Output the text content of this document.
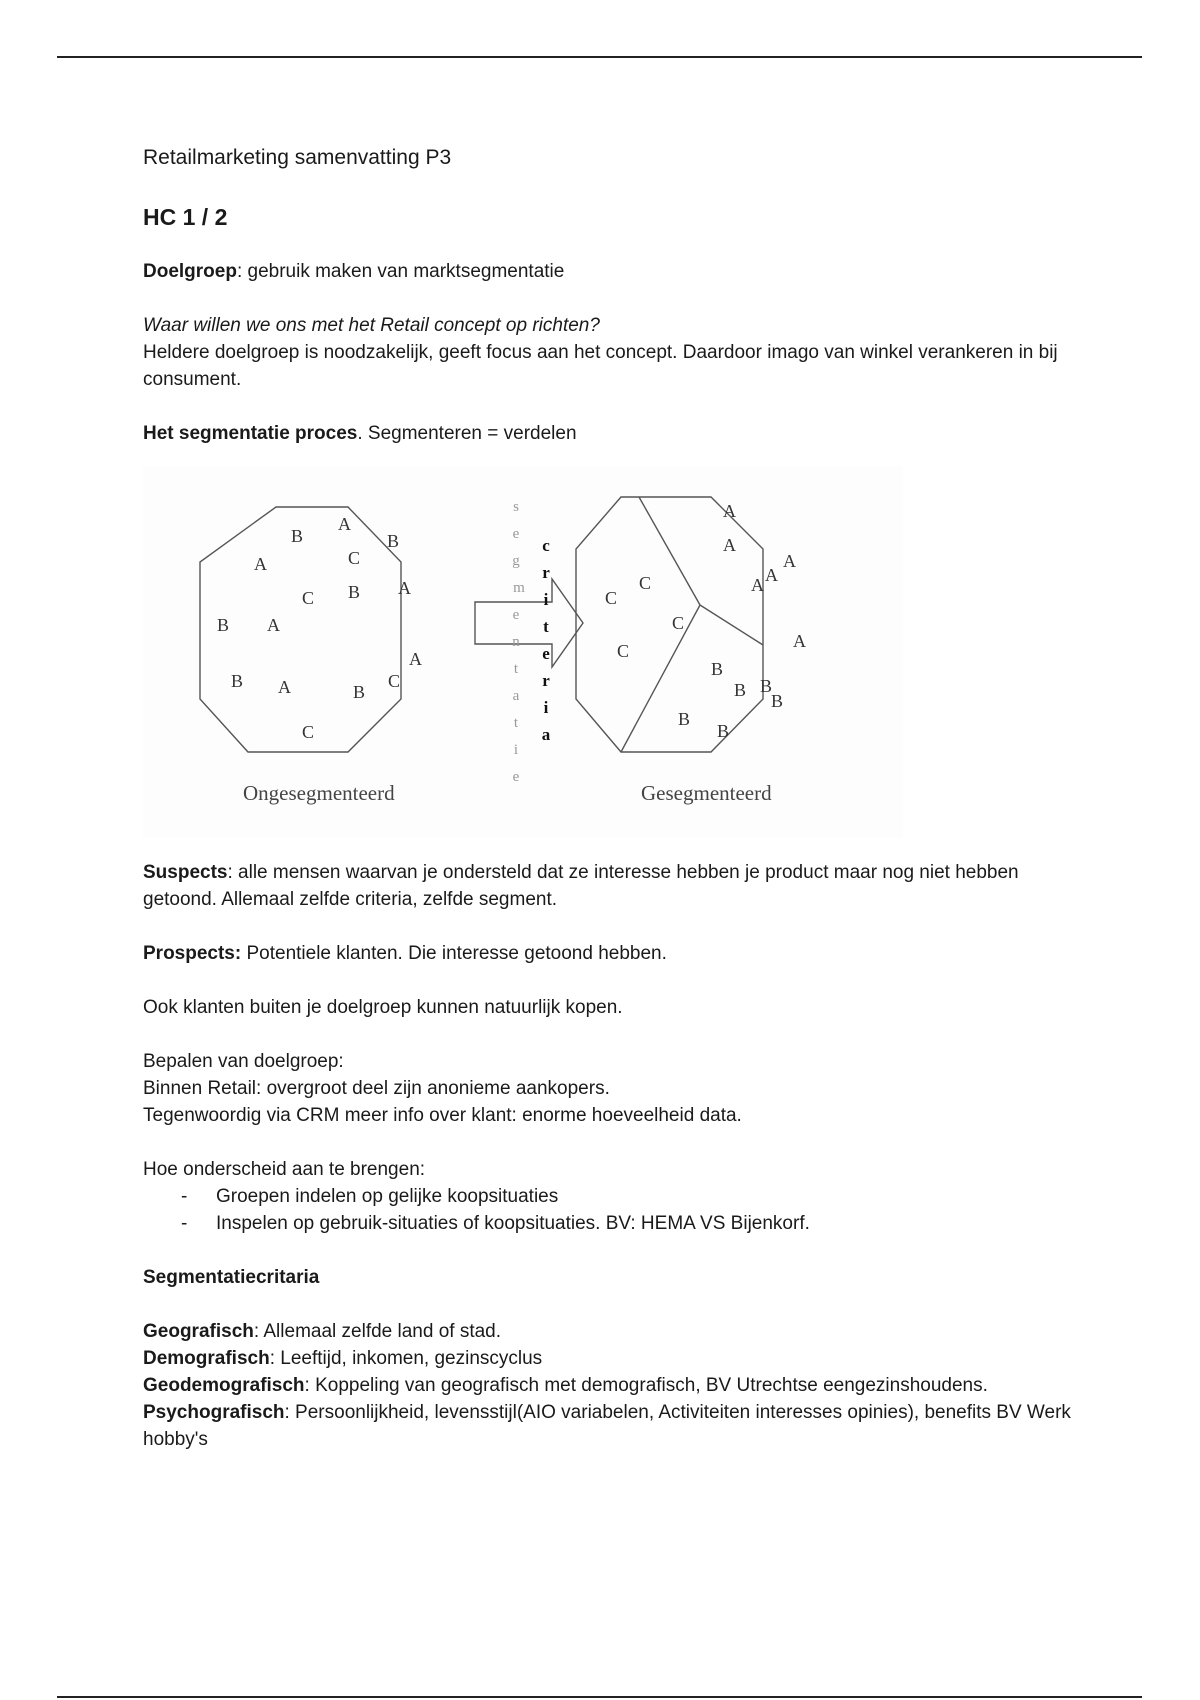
Retailmarketing samenvatting P3

HC 1 / 2

Doelgroep: gebruik maken van marktsegmentatie

Waar willen we ons met het Retail concept op richten?

Heldere doelgroep is noodzakelijk, geeft focus aan het concept. Daardoor imago van winkel verankeren in bij consument.

Het segmentatie proces. Segmenteren = verdelen

B
A
B
A	C
C B A
B A
A
B A	B
C
C
s
e
g
m
e
n
t
a
t
i
e
c
r
i
t
e
r
i
a
C
C
C
C
A
A
A A
A
A
B
B B
B
B
B
Ongesegmenteerd	Gesegmenteerd

Suspects: alle mensen waarvan je ondersteld dat ze interesse hebben je product maar nog niet hebben getoond. Allemaal zelfde criteria, zelfde segment.

Prospects: Potentiele klanten. Die interesse getoond hebben.

Ook klanten buiten je doelgroep kunnen natuurlijk kopen.

Bepalen van doelgroep:

Binnen Retail: overgroot deel zijn anonieme aankopers.

Tegenwoordig via CRM meer info over klant: enorme hoeveelheid data.

Hoe onderscheid aan te brengen:

- Groepen indelen op gelijke koopsituaties
- Inspelen op gebruik-situaties of koopsituaties. BV: HEMA VS Bijenkorf.

Segmentatiecritaria

Geografisch: Allemaal zelfde land of stad.

Demografisch: Leeftijd, inkomen, gezinscyclus

Geodemografisch: Koppeling van geografisch met demografisch, BV Utrechtse eengezinshoudens.

Psychografisch: Persoonlijkheid, levensstijl(AIO variabelen, Activiteiten interesses opinies), benefits BV Werk hobby's
